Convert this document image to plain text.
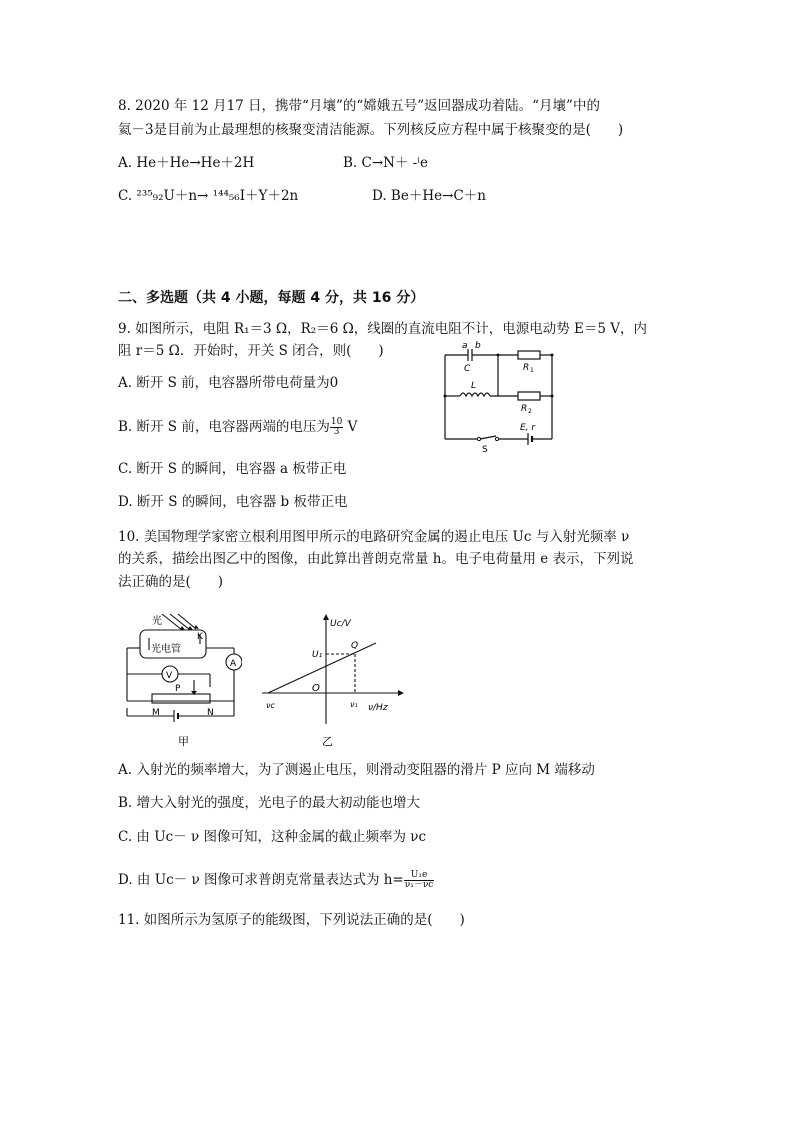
8. 2020 年 12 月17 日，携带“月壤”的“嫦娥五号”返回器成功着陆。“月壤”中的
氦－3是目前为止最理想的核聚变清洁能源。下列核反应方程中属于核聚变的是(　　)
A. He＋He→He＋2H	B. C→N＋ -ⁱe
C. ²³⁵₉₂U＋n→ ¹⁴⁴₅₆I＋Y＋2n	D. Be＋He→C＋n
二、多选题（共 4 小题，每题 4 分，共 16 分）
9. 如图所示，电阻 R₁＝3 Ω，R₂＝6 Ω，线圈的直流电阻不计，电源电动势 E＝5 V，内
阻 r＝5 Ω．开始时，开关 S 闭合，则(　　)
A. 断开 S 前，电容器所带电荷量为0
B. 断开 S 前，电容器两端的电压为 $\frac{10}{3}$ V
C. 断开 S 的瞬间，电容器 a 板带正电
D. 断开 S 的瞬间，电容器 b 板带正电
a b
C	R 1
L
R 2
E, r
S
10. 美国物理学家密立根利用图甲所示的电路研究金属的遏止电压 Uc 与入射光频率 ν
的关系，描绘出图乙中的图像，由此算出普朗克常量 h。电子电荷量用 e 表示，下列说
法正确的是(　　)
光
K
光电管
V
A
P
M	N
甲
Uc/V
ν/Hz
U₁
Q
O
νc	ν₁
乙
A. 入射光的频率增大，为了测遏止电压，则滑动变阻器的滑片 P 应向 M 端移动
B. 增大入射光的强度，光电子的最大初动能也增大
C. 由 Uc－ ν 图像可知，这种金属的截止频率为 νc
D. 由 Uc－ ν 图像可求普朗克常量表达式为 $h= \frac{\text{U₁e}}{\text{ν₁－νc}}$
11. 如图所示为氢原子的能级图，下列说法正确的是(　　)
